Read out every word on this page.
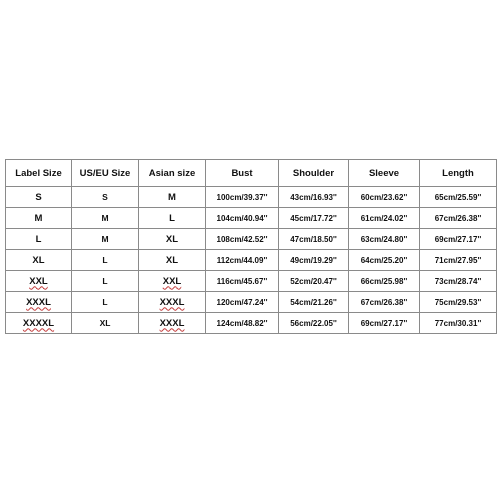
Label Size	US/EU Size	Asian size	Bust	Shoulder	Sleeve	Length
S	S	M	100cm/39.37''	43cm/16.93''	60cm/23.62''	65cm/25.59''
M	M	L	104cm/40.94''	45cm/17.72''	61cm/24.02''	67cm/26.38''
L	M	XL	108cm/42.52''	47cm/18.50''	63cm/24.80''	69cm/27.17''
XL	L	XL	112cm/44.09''	49cm/19.29''	64cm/25.20''	71cm/27.95''
XXL	L	XXL	116cm/45.67''	52cm/20.47''	66cm/25.98''	73cm/28.74''
XXXL	L	XXXL	120cm/47.24''	54cm/21.26''	67cm/26.38''	75cm/29.53''
XXXXL	XL	XXXL	124cm/48.82''	56cm/22.05''	69cm/27.17''	77cm/30.31''
